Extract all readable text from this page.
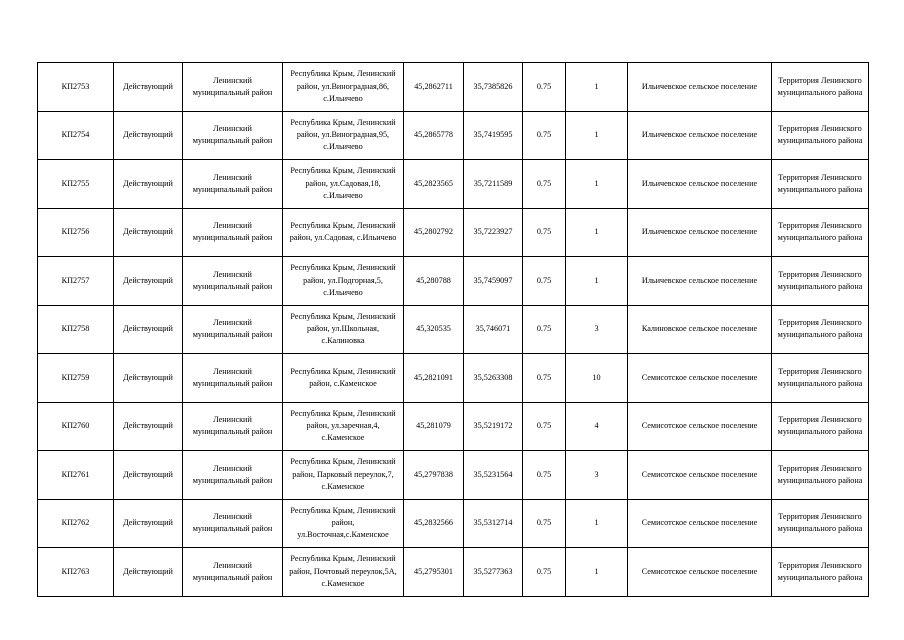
КП2753	Действующий	Ленинский муниципальный район	Республика Крым, Ленинский район, ул.Виноградная,86, с.Ильичево	45,2862711	35,7385826	0.75	1	Ильичевское сельское поселение	Территория Ленинского муниципального района
КП2754	Действующий	Ленинский муниципальный район	Республика Крым, Ленинский район, ул.Виноградная,95, с.Ильичево	45,2865778	35,7419595	0.75	1	Ильичевское сельское поселение	Территория Ленинского муниципального района
КП2755	Действующий	Ленинский муниципальный район	Республика Крым, Ленинский район, ул.Садовая,18, с.Ильичево	45,2823565	35,7211589	0.75	1	Ильичевское сельское поселение	Территория Ленинского муниципального района
КП2756	Действующий	Ленинский муниципальный район	Республика Крым, Ленинский район, ул.Садовая, с.Ильичево	45,2802792	35,7223927	0.75	1	Ильичевское сельское поселение	Территория Ленинского муниципального района
КП2757	Действующий	Ленинский муниципальный район	Республика Крым, Ленинский район, ул.Подгорная,5, с.Ильичево	45,280788	35,7459097	0.75	1	Ильичевское сельское поселение	Территория Ленинского муниципального района
КП2758	Действующий	Ленинский муниципальный район	Республика Крым, Ленинский район, ул.Школьная, с.Калиновка	45,320535	35,746071	0.75	3	Калиновское сельское поселение	Территория Ленинского муниципального района
КП2759	Действующий	Ленинский муниципальный район	Республика Крым, Ленинский район, с.Каменское	45,2821091	35,5263308	0.75	10	Семисотское сельское поселение	Территория Ленинского муниципального района
КП2760	Действующий	Ленинский муниципальный район	Республика Крым, Ленинский район, ул.заречная,4, с.Каменское	45,281079	35,5219172	0.75	4	Семисотское сельское поселение	Территория Ленинского муниципального района
КП2761	Действующий	Ленинский муниципальный район	Республика Крым, Ленинский район, Парковый переулок,7, с.Каменское	45,2797838	35,5231564	0.75	3	Семисотское сельское поселение	Территория Ленинского муниципального района
КП2762	Действующий	Ленинский муниципальный район	Республика Крым, Ленинский район, ул.Восточная,с.Каменское	45,2832566	35,5312714	0.75	1	Семисотское сельское поселение	Территория Ленинского муниципального района
КП2763	Действующий	Ленинский муниципальный район	Республика Крым, Ленинский район, Почтовый переулок,5А, с.Каменское	45,2795301	35,5277363	0.75	1	Семисотское сельское поселение	Территория Ленинского муниципального района
